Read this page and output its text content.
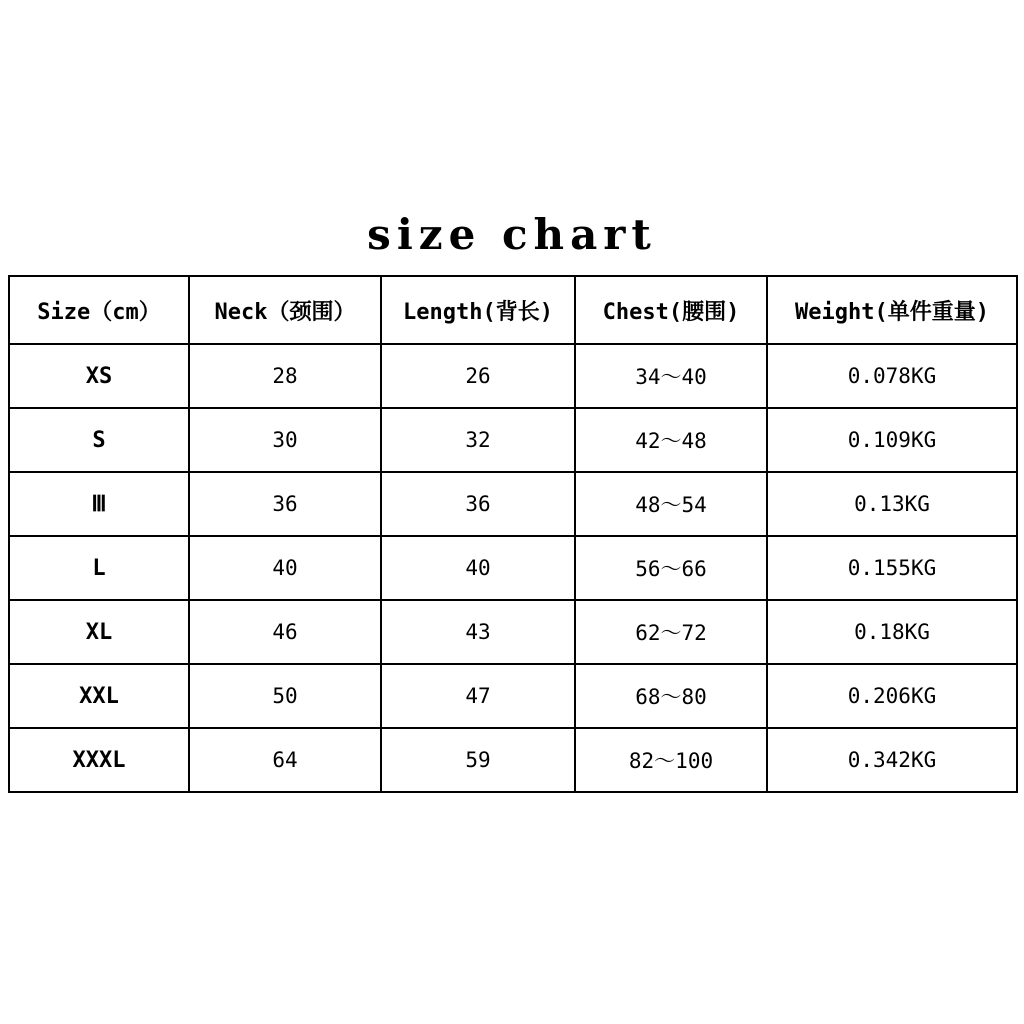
size chart
Size（cm）	Neck（颈围）	Length(背长)	Chest(腰围)	Weight(单件重量)
XS	28	26	34～40	0.078KG
S	30	32	42～48	0.109KG
Ⅲ	36	36	48～54	0.13KG
L	40	40	56～66	0.155KG
XL	46	43	62～72	0.18KG
XXL	50	47	68～80	0.206KG
XXXL	64	59	82～100	0.342KG
